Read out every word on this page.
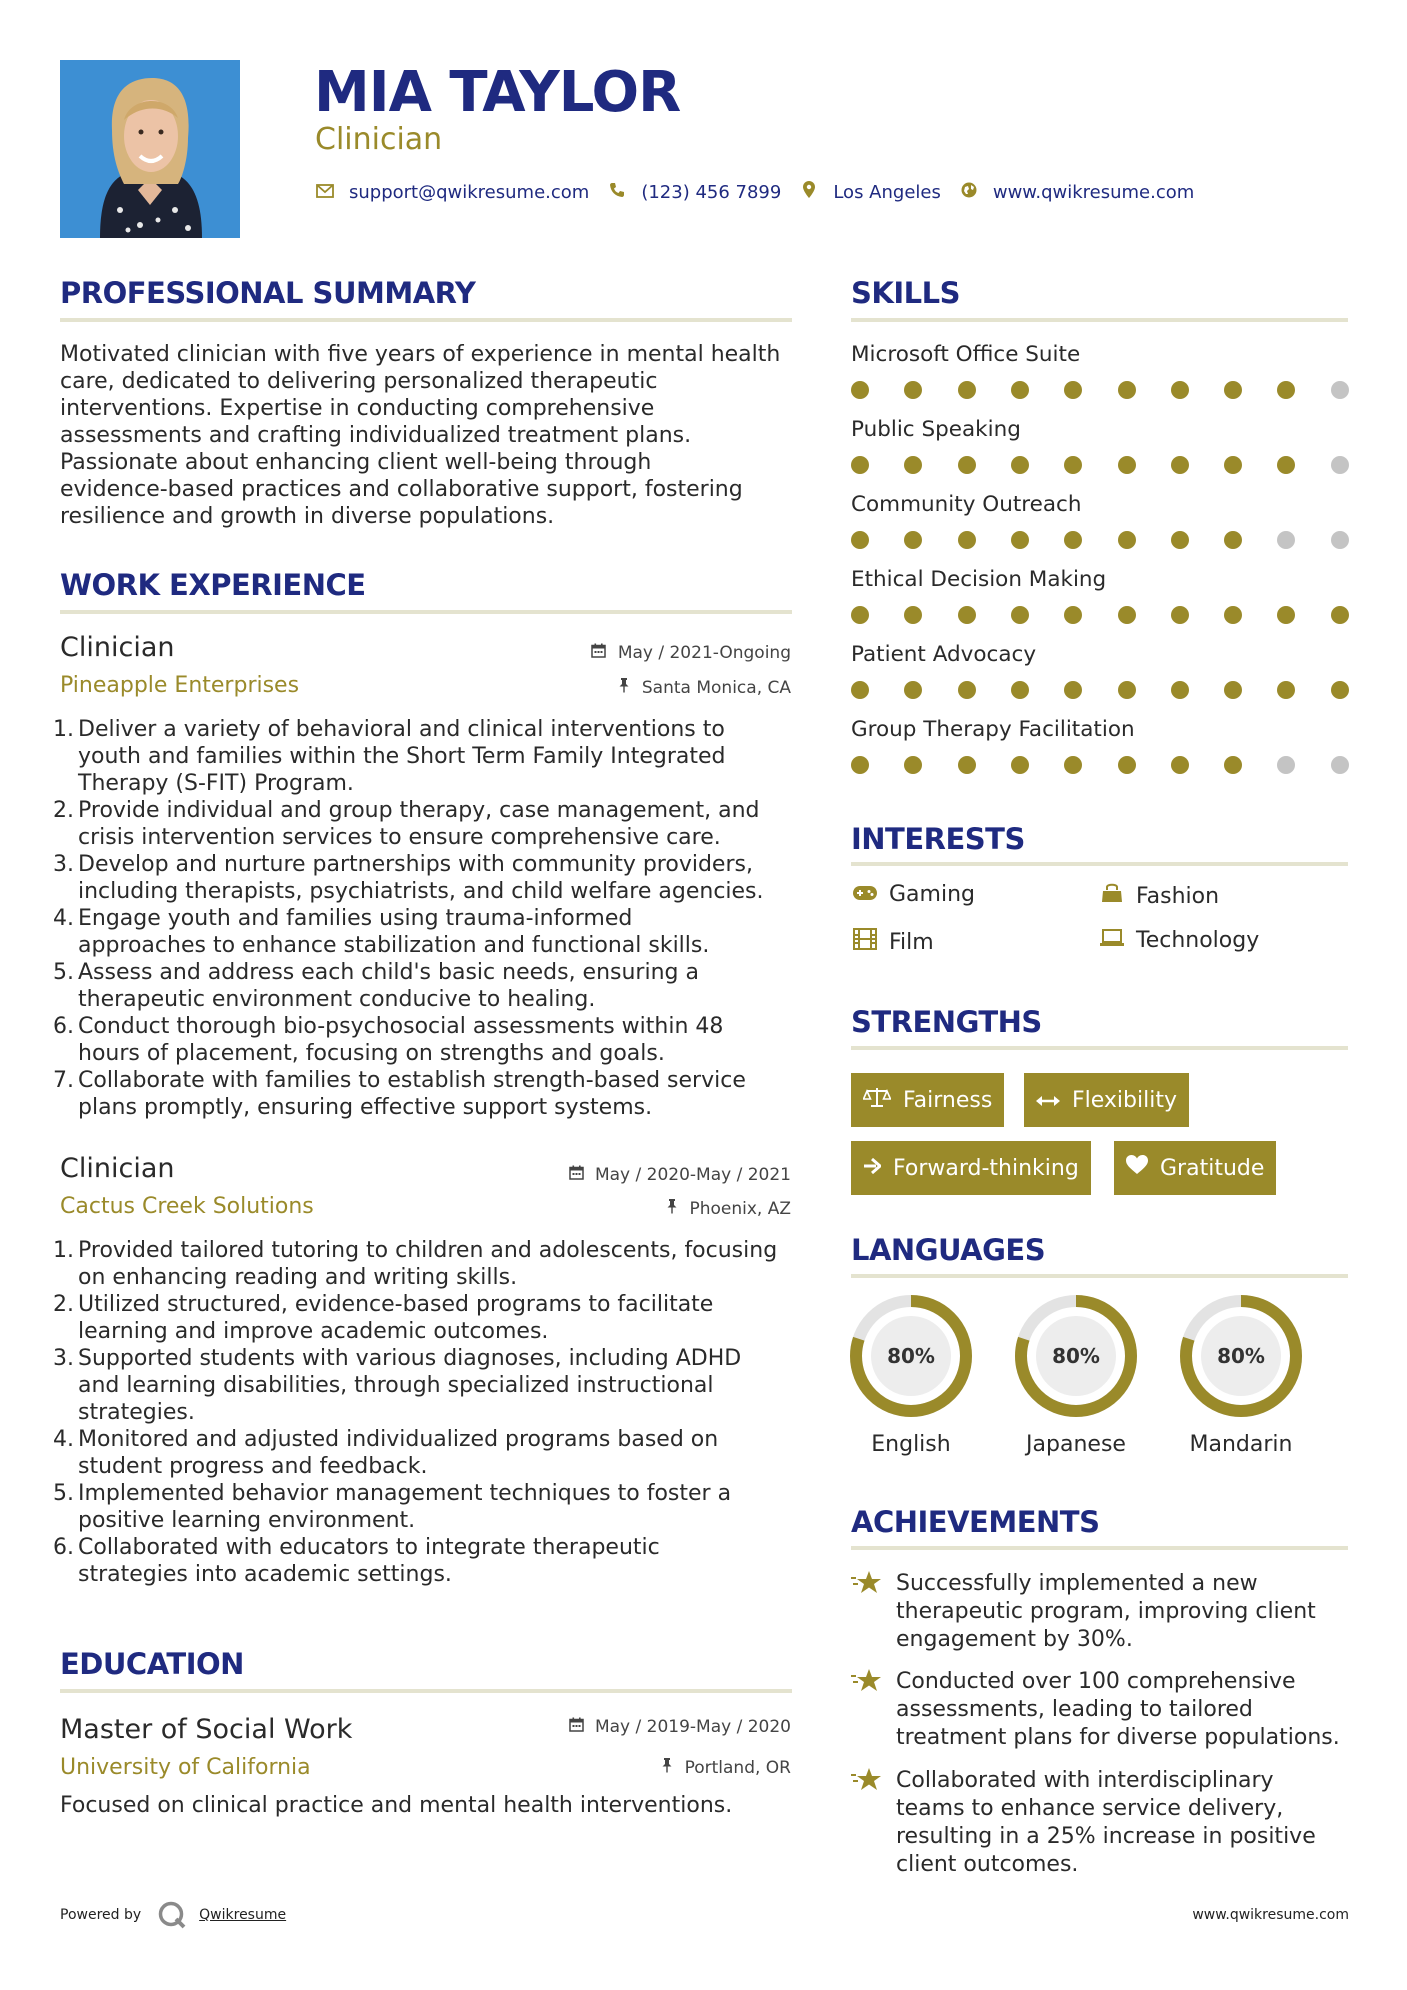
MIA TAYLOR
Clinician
support@qwikresume.com	(123) 456 7899	Los Angeles	www.qwikresume.com
PROFESSIONAL SUMMARY
Motivated clinician with five years of experience in mental health
care, dedicated to delivering personalized therapeutic
interventions. Expertise in conducting comprehensive
assessments and crafting individualized treatment plans.
Passionate about enhancing client well-being through
evidence-based practices and collaborative support, fostering
resilience and growth in diverse populations.
WORK EXPERIENCE
Clinician	May / 2021-Ongoing
Pineapple Enterprises	Santa Monica, CA
1. Deliver a variety of behavioral and clinical interventions to
youth and families within the Short Term Family Integrated
Therapy (S-FIT) Program.
2. Provide individual and group therapy, case management, and
crisis intervention services to ensure comprehensive care.
3. Develop and nurture partnerships with community providers,
including therapists, psychiatrists, and child welfare agencies.
4. Engage youth and families using trauma-informed
approaches to enhance stabilization and functional skills.
5. Assess and address each child's basic needs, ensuring a
therapeutic environment conducive to healing.
6. Conduct thorough bio-psychosocial assessments within 48
hours of placement, focusing on strengths and goals.
7. Collaborate with families to establish strength-based service
plans promptly, ensuring effective support systems.
Clinician	May / 2020-May / 2021
Cactus Creek Solutions	Phoenix, AZ
1. Provided tailored tutoring to children and adolescents, focusing
on enhancing reading and writing skills.
2. Utilized structured, evidence-based programs to facilitate
learning and improve academic outcomes.
3. Supported students with various diagnoses, including ADHD
and learning disabilities, through specialized instructional
strategies.
4. Monitored and adjusted individualized programs based on
student progress and feedback.
5. Implemented behavior management techniques to foster a
positive learning environment.
6. Collaborated with educators to integrate therapeutic
strategies into academic settings.
EDUCATION
Master of Social Work	May / 2019-May / 2020
University of California	Portland, OR
Focused on clinical practice and mental health interventions.
SKILLS
Microsoft Office Suite
Public Speaking
Community Outreach
Ethical Decision Making
Patient Advocacy
Group Therapy Facilitation
INTERESTS
Gaming	Fashion
Film	Technology
STRENGTHS
Fairness	Flexibility
Forward-thinking	Gratitude
LANGUAGES
80%
English
80%
Japanese
80%
Mandarin
ACHIEVEMENTS
Successfully implemented a new
therapeutic program, improving client
engagement by 30%.
Conducted over 100 comprehensive
assessments, leading to tailored
treatment plans for diverse populations.
Collaborated with interdisciplinary
teams to enhance service delivery,
resulting in a 25% increase in positive
client outcomes.
Powered by	Qwikresume	www.qwikresume.com
